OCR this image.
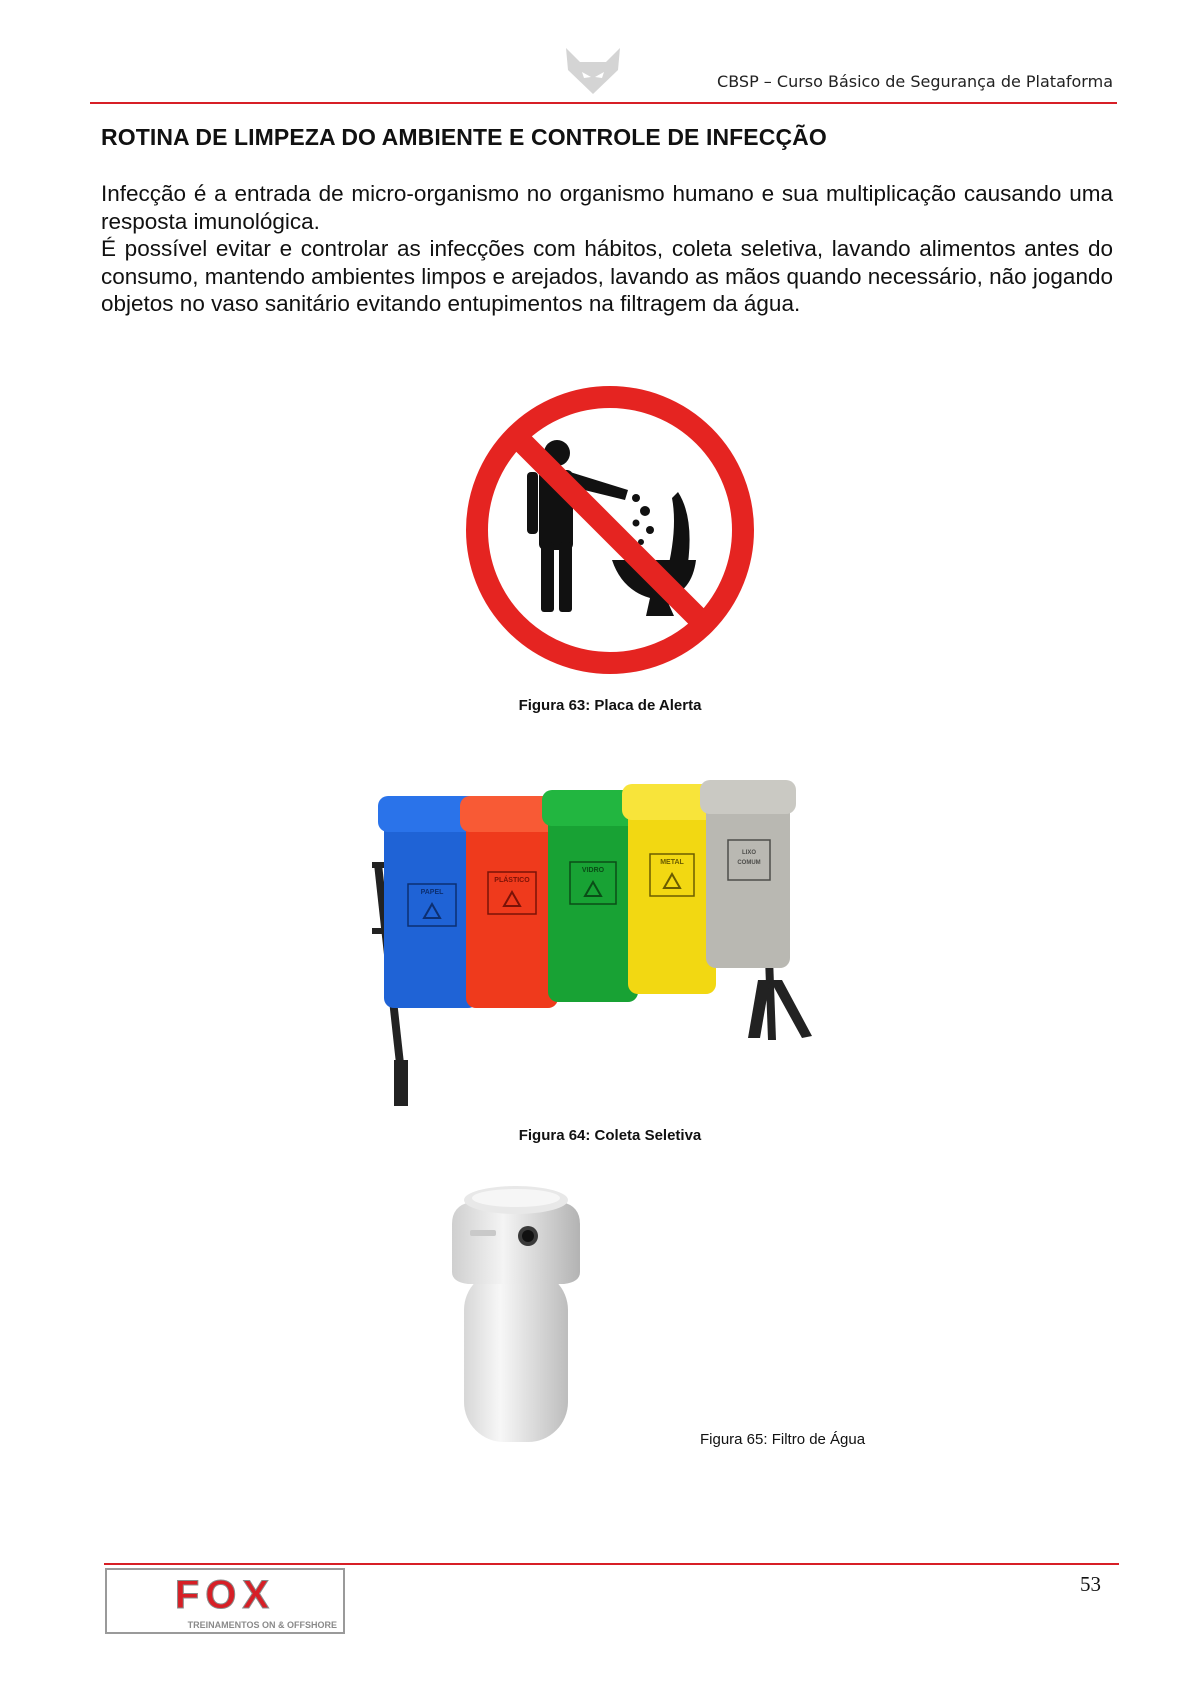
CBSP – Curso Básico de Segurança de Plataforma
ROTINA DE LIMPEZA DO AMBIENTE E CONTROLE DE INFECÇÃO

Infecção é a entrada de micro-organismo no organismo humano e sua multiplicação causando uma resposta imunológica.

É possível evitar e controlar as infecções com hábitos, coleta seletiva, lavando alimentos antes do consumo, mantendo ambientes limpos e arejados, lavando as mãos quando necessário, não jogando objetos no vaso sanitário evitando entupimentos na filtragem da água.

Figura 63: Placa de Alerta
PAPEL
PLÁSTICO
VIDRO
METAL
LIXO
COMUM
Figura 64: Coleta Seletiva
Figura 65: Filtro de Água
FOX
TREINAMENTOS ON & OFFSHORE
53
